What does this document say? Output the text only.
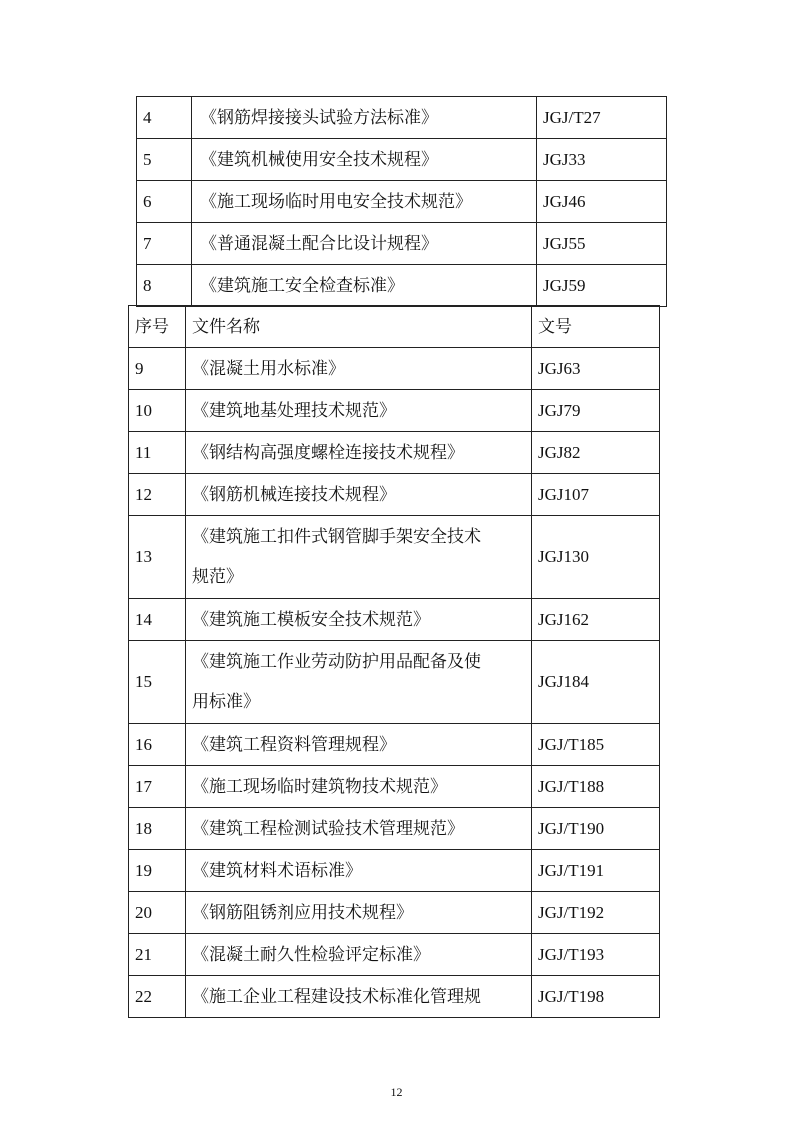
4	《钢筋焊接接头试验方法标准》	JGJ/T27
5	《建筑机械使用安全技术规程》	JGJ33
6	《施工现场临时用电安全技术规范》	JGJ46
7	《普通混凝土配合比设计规程》	JGJ55
8	《建筑施工安全检查标准》	JGJ59
序号	文件名称	文号
9	《混凝土用水标准》	JGJ63
10	《建筑地基处理技术规范》	JGJ79
11	《钢结构高强度螺栓连接技术规程》	JGJ82
12	《钢筋机械连接技术规程》	JGJ107
13	《建筑施工扣件式钢管脚手架安全技术
规范》	JGJ130
14	《建筑施工模板安全技术规范》	JGJ162
15	《建筑施工作业劳动防护用品配备及使
用标准》	JGJ184
16	《建筑工程资料管理规程》	JGJ/T185
17	《施工现场临时建筑物技术规范》	JGJ/T188
18	《建筑工程检测试验技术管理规范》	JGJ/T190
19	《建筑材料术语标准》	JGJ/T191
20	《钢筋阻锈剂应用技术规程》	JGJ/T192
21	《混凝土耐久性检验评定标准》	JGJ/T193
22	《施工企业工程建设技术标准化管理规	JGJ/T198
12
